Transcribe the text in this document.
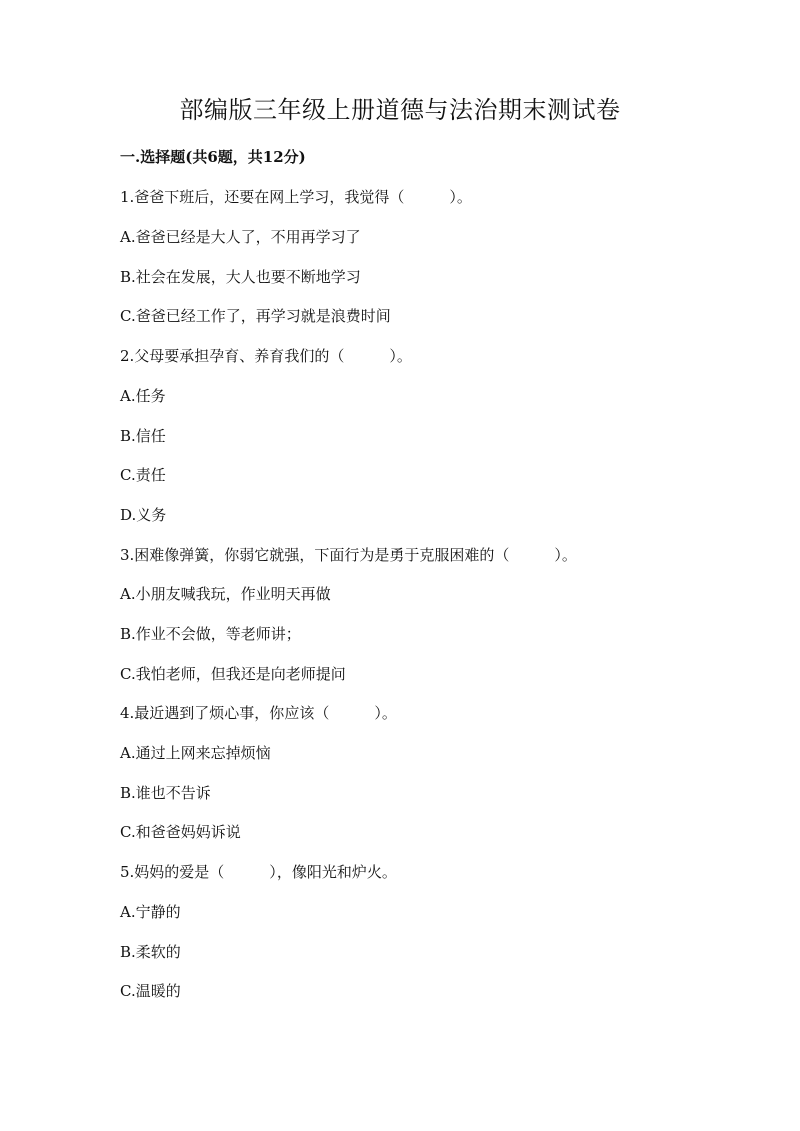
部编版三年级上册道德与法治期末测试卷

一.选择题(共6题，共12分)

1.爸爸下班后，还要在网上学习，我觉得（　　　）。

A.爸爸已经是大人了，不用再学习了

B.社会在发展，大人也要不断地学习

C.爸爸已经工作了，再学习就是浪费时间

2.父母要承担孕育、养育我们的（　　　）。

A.任务

B.信任

C.责任

D.义务

3.困难像弹簧，你弱它就强，下面行为是勇于克服困难的（　　　）。

A.小朋友喊我玩，作业明天再做

B.作业不会做，等老师讲；

C.我怕老师，但我还是向老师提问

4.最近遇到了烦心事，你应该（　　　）。

A.通过上网来忘掉烦恼

B.谁也不告诉

C.和爸爸妈妈诉说

5.妈妈的爱是（　　　），像阳光和炉火。

A.宁静的

B.柔软的

C.温暖的
